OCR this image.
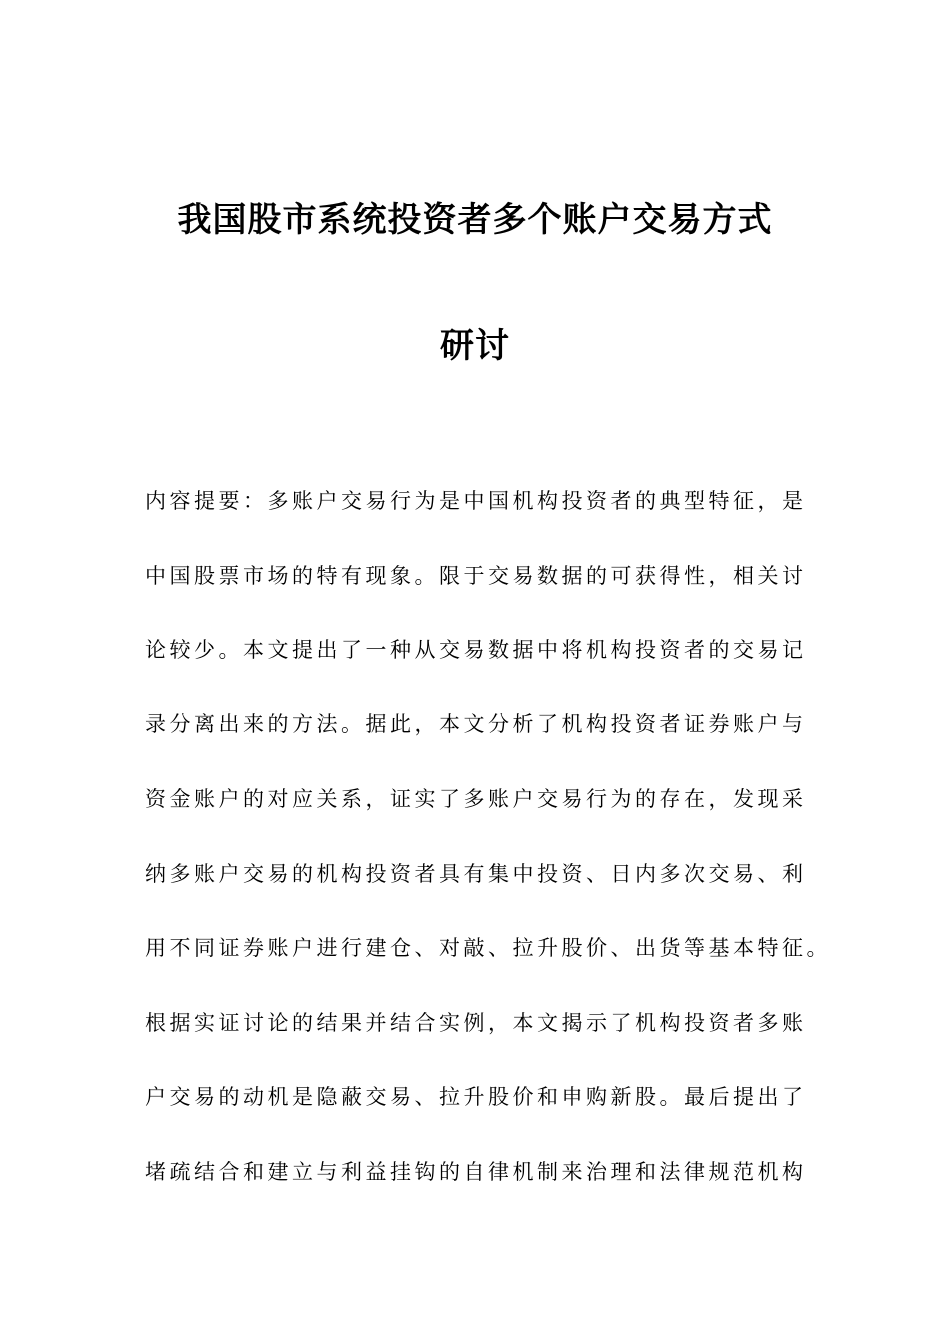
我国股市系统投资者多个账户交易方式
研讨
内容提要：多账户交易行为是中国机构投资者的典型特征，是
中国股票市场的特有现象。限于交易数据的可获得性，相关讨
论较少。本文提出了一种从交易数据中将机构投资者的交易记
录分离出来的方法。据此，本文分析了机构投资者证券账户与
资金账户的对应关系，证实了多账户交易行为的存在，发现采
纳多账户交易的机构投资者具有集中投资、日内多次交易、利
用不同证券账户进行建仓、对敲、拉升股价、出货等基本特征。
根据实证讨论的结果并结合实例，本文揭示了机构投资者多账
户交易的动机是隐蔽交易、拉升股价和申购新股。最后提出了
堵疏结合和建立与利益挂钩的自律机制来治理和法律规范机构
